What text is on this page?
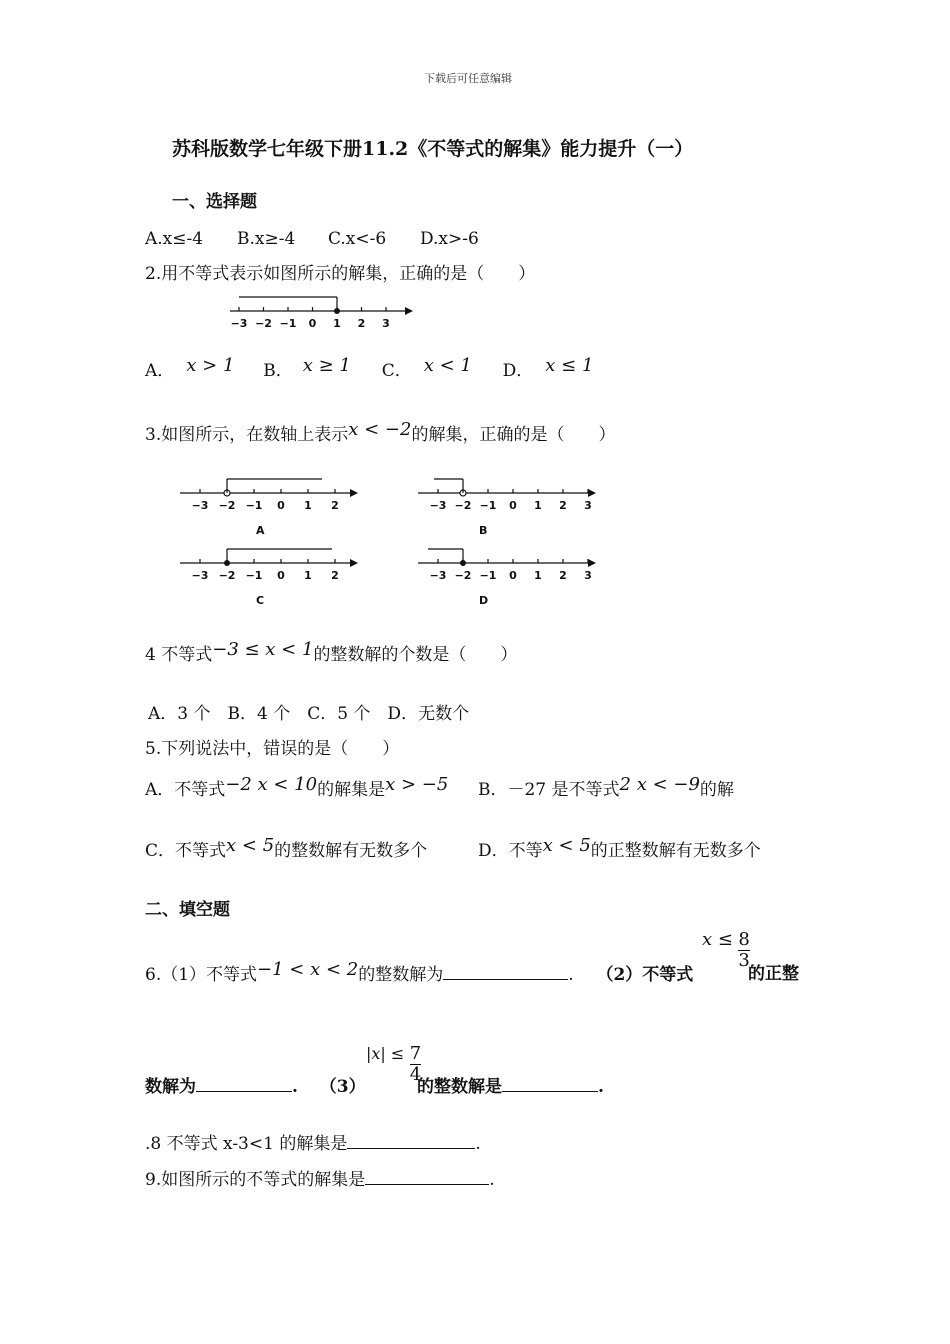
下载后可任意编辑
苏科版数学七年级下册11.2《不等式的解集》能力提升（一）
一、选择题
A.x≤-4 B.x≥-4 C.x<-6 D.x>-6
2.用不等式表示如图所示的解集，正确的是（　　）
−3 −2 −1 0 1 2 3
A． x > 1 B． x ≥ 1 C． x < 1 D． x ≤ 1
3.如图所示，在数轴上表示x < −2的解集，正确的是（　　）
−3 −2 −1 0 1 2
A
−3 −2 −1 0 1 2 3
B
−3 −2 −1 0 1 2
C
−3 −2 −1 0 1 2 3
D
4 不等式−3 ≤ x < 1的整数解的个数是（　　）
A．3 个　B．4 个　C．5 个　D．无数个
5.下列说法中，错误的是（　　）
A．不等式−2 x < 10的解集是x > −5 B．－27 是不等式2 x < −9的解
C．不等式x < 5的整数解有无数多个	D．不等x < 5的正整数解有无数多个
二、填空题
6.（1）不等式−1 < x < 2的整数解为	. （2）不等式
$x \le \frac{8}{3}$
的正整
数解为	. （3）
$|x| \le \frac{7}{4}$
的整数解是	.
.8 不等式 x-3<1 的解集是	.
9.如图所示的不等式的解集是	.
